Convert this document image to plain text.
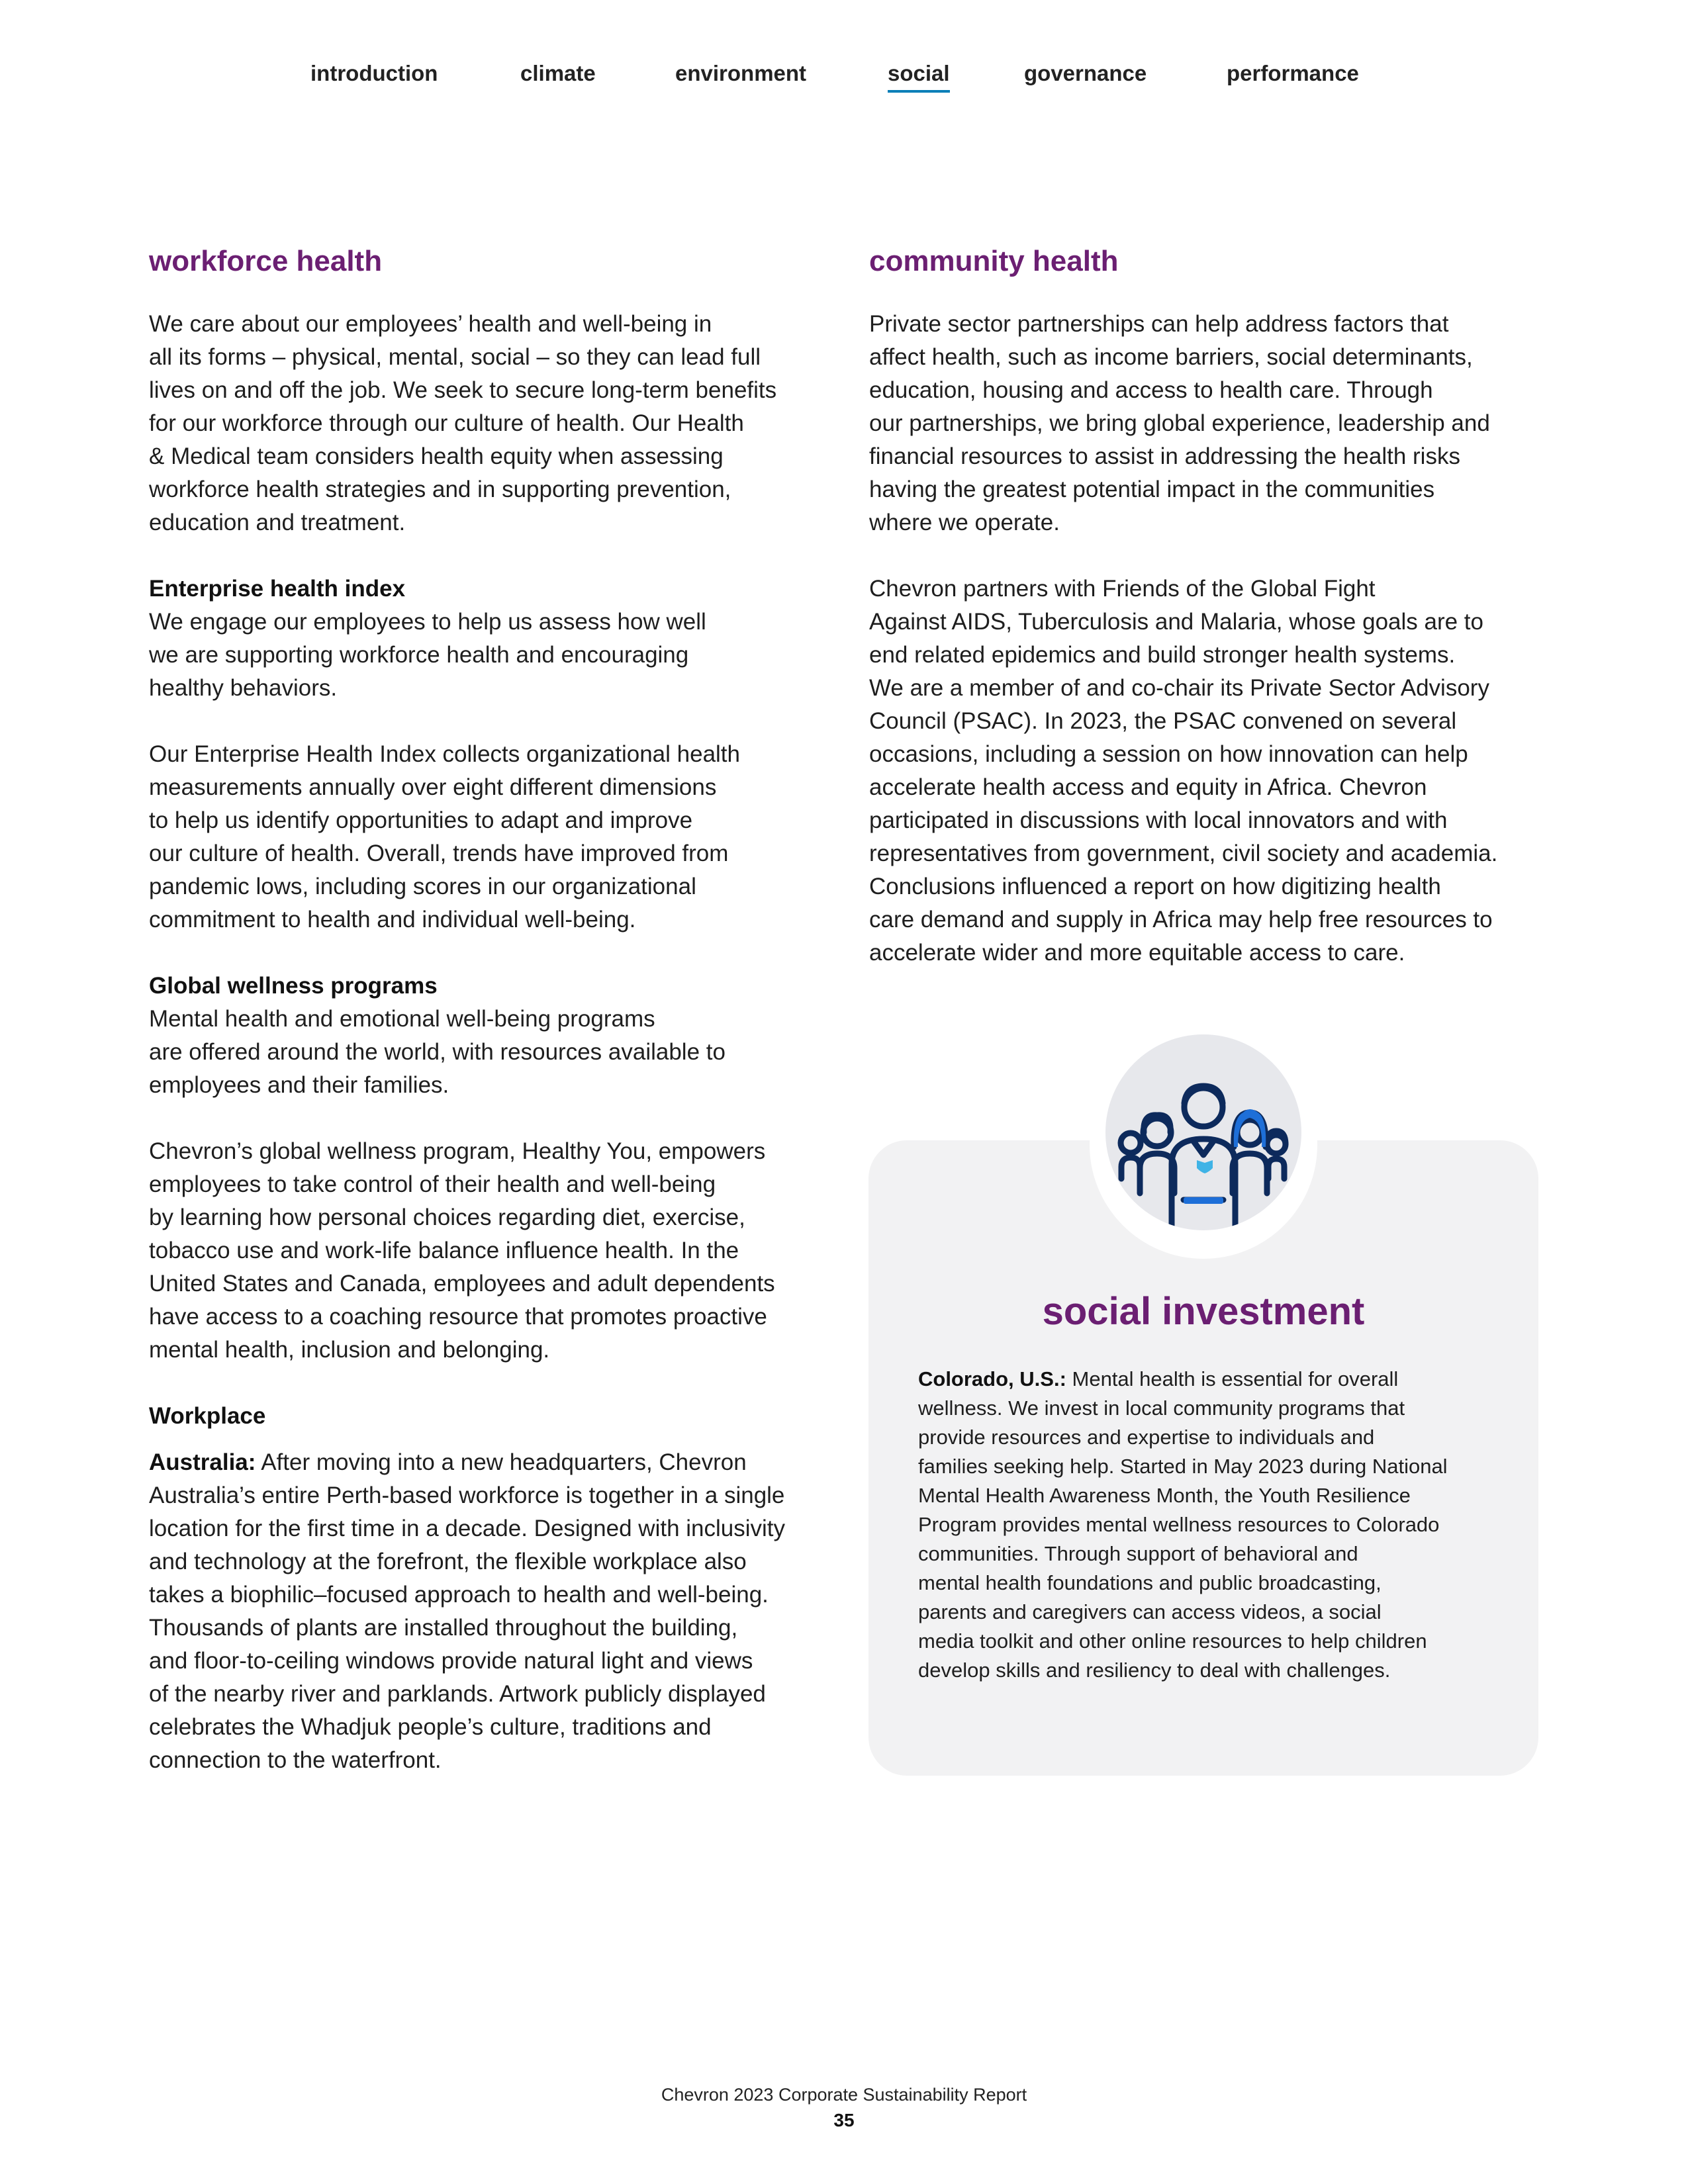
introduction	climate	environment	social	governance	performance
workforce health

We care about our employees’ health and well-being in
all its forms – physical, mental, social – so they can lead full
lives on and off the job. We seek to secure long-term benefits
for our workforce through our culture of health. Our Health
& Medical team considers health equity when assessing
workforce health strategies and in supporting prevention,
education and treatment.

Enterprise health index

We engage our employees to help us assess how well
we are supporting workforce health and encouraging
healthy behaviors.

Our Enterprise Health Index collects organizational health
measurements annually over eight different dimensions
to help us identify opportunities to adapt and improve
our culture of health. Overall, trends have improved from
pandemic lows, including scores in our organizational
commitment to health and individual well-being.

Global wellness programs

Mental health and emotional well-being programs
are offered around the world, with resources available to
employees and their families.

Chevron’s global wellness program, Healthy You, empowers
employees to take control of their health and well-being
by learning how personal choices regarding diet, exercise,
tobacco use and work-life balance influence health. In the
United States and Canada, employees and adult dependents
have access to a coaching resource that promotes proactive
mental health, inclusion and belonging.

Workplace

Australia: After moving into a new headquarters, Chevron
Australia’s entire Perth-based workforce is together in a single
location for the first time in a decade. Designed with inclusivity
and technology at the forefront, the flexible workplace also
takes a biophilic–focused approach to health and well-being.
Thousands of plants are installed throughout the building,
and floor-to-ceiling windows provide natural light and views
of the nearby river and parklands. Artwork publicly displayed
celebrates the Whadjuk people’s culture, traditions and
connection to the waterfront.

community health

Private sector partnerships can help address factors that
affect health, such as income barriers, social determinants,
education, housing and access to health care. Through
our partnerships, we bring global experience, leadership and
financial resources to assist in addressing the health risks
having the greatest potential impact in the communities
where we operate.

Chevron partners with Friends of the Global Fight
Against AIDS, Tuberculosis and Malaria, whose goals are to
end related epidemics and build stronger health systems.
We are a member of and co-chair its Private Sector Advisory
Council (PSAC). In 2023, the PSAC convened on several
occasions, including a session on how innovation can help
accelerate health access and equity in Africa. Chevron
participated in discussions with local innovators and with
representatives from government, civil society and academia.
Conclusions influenced a report on how digitizing health
care demand and supply in Africa may help free resources to
accelerate wider and more equitable access to care.

social investment

Colorado, U.S.: Mental health is essential for overall
wellness. We invest in local community programs that
provide resources and expertise to individuals and
families seeking help. Started in May 2023 during National
Mental Health Awareness Month, the Youth Resilience
Program provides mental wellness resources to Colorado
communities. Through support of behavioral and
mental health foundations and public broadcasting,
parents and caregivers can access videos, a social
media toolkit and other online resources to help children
develop skills and resiliency to deal with challenges.

Chevron 2023 Corporate Sustainability Report

35
